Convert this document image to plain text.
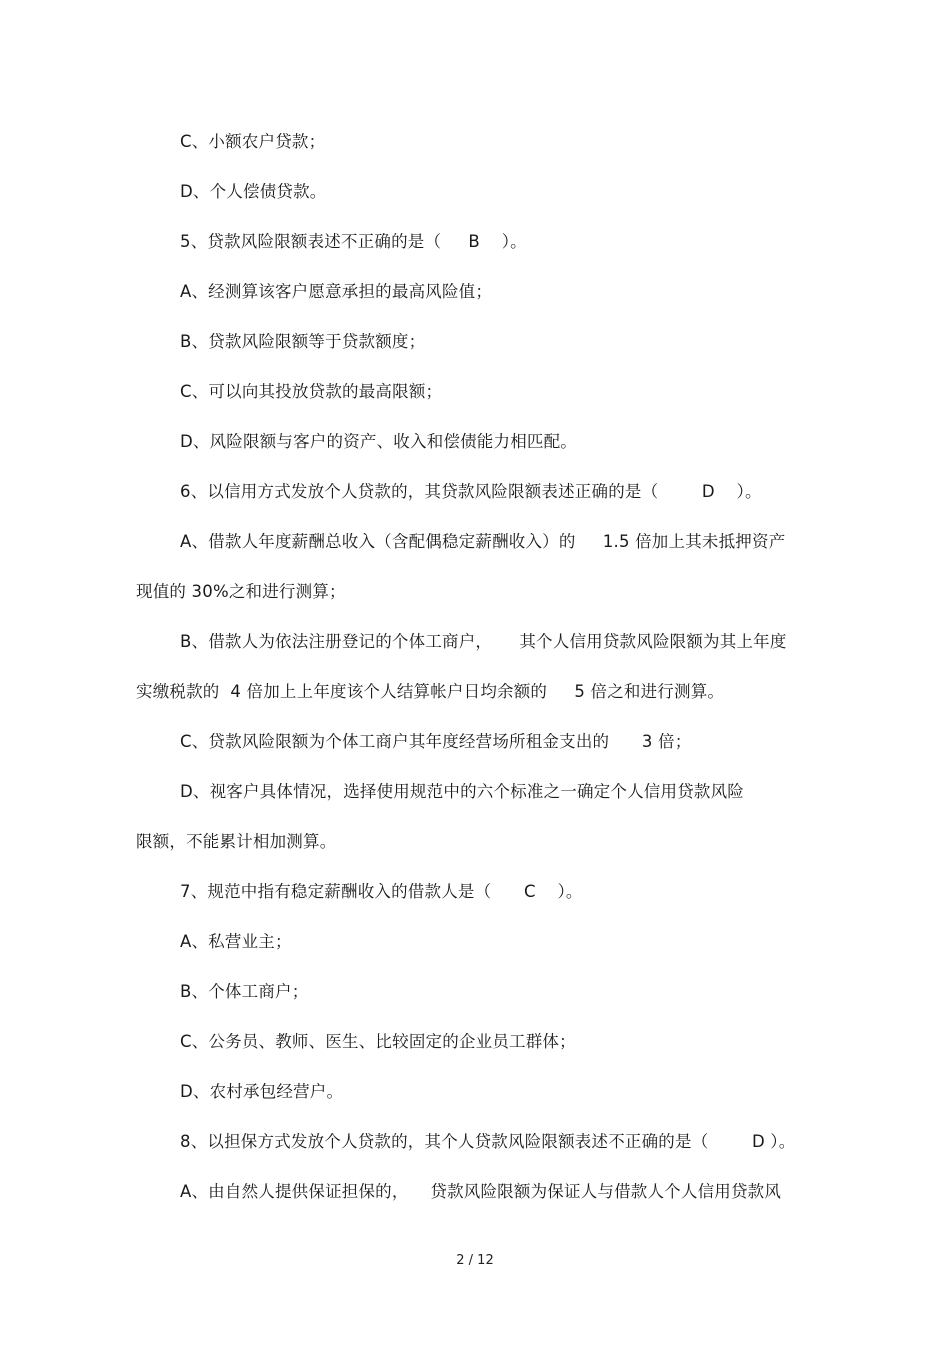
C、小额农户贷款；
D、个人偿债贷款。
5、贷款风险限额表述不正确的是（     B    ）。
A、经测算该客户愿意承担的最高风险值；
B、贷款风险限额等于贷款额度；
C、可以向其投放贷款的最高限额；
D、风险限额与客户的资产、收入和偿债能力相匹配。
6、以信用方式发放个人贷款的，其贷款风险限额表述正确的是（        D    ）。
A、借款人年度薪酬总收入（含配偶稳定薪酬收入）的     1.5 倍加上其未抵押资产
现值的 30%之和进行测算；
B、借款人为依法注册登记的个体工商户，     其个人信用贷款风险限额为其上年度
实缴税款的  4 倍加上上年度该个人结算帐户日均余额的     5 倍之和进行测算。
C、贷款风险限额为个体工商户其年度经营场所租金支出的      3 倍；
D、视客户具体情况，选择使用规范中的六个标准之一确定个人信用贷款风险
限额，不能累计相加测算。
7、规范中指有稳定薪酬收入的借款人是（      C    ）。
A、私营业主；
B、个体工商户；
C、公务员、教师、医生、比较固定的企业员工群体；
D、农村承包经营户。
8、以担保方式发放个人贷款的，其个人贷款风险限额表述不正确的是（        D ）。
A、由自然人提供保证担保的，    贷款风险限额为保证人与借款人个人信用贷款风
2 / 12
